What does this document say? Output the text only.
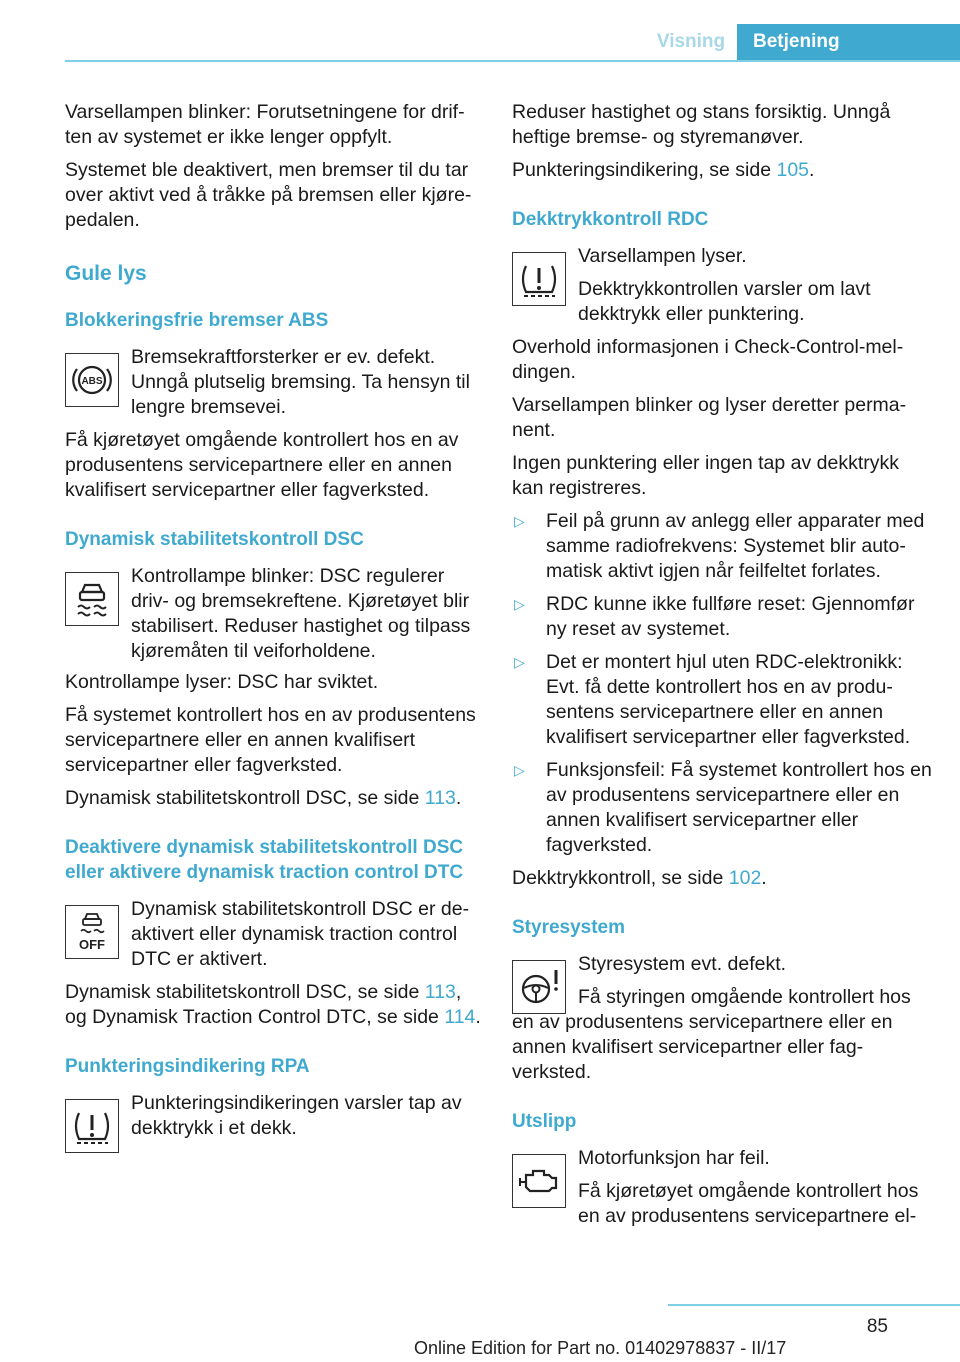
Visning	Betjening

Varsellampen blinker: Forutsetningene for driften av systemet er ikke lenger oppfylt.

Systemet ble deaktivert, men bremser til du tar over aktivt ved å tråkke på bremsen eller kjørepedalen.

Gule lys
Blokkeringsfrie bremser ABS
ABS

Bremsekraftforsterker er ev. defekt. Unngå plutselig bremsing. Ta hensyn til lengre bremsevei.

Få kjøretøyet omgående kontrollert hos en av produsentens servicepartnere eller en annen kvalifisert servicepartner eller fagverksted.

Dynamisk stabilitetskontroll DSC

Kontrollampe blinker: DSC regulerer driv- og bremsekreftene. Kjøretøyet blir stabilisert. Reduser hastighet og tilpass kjøremåten til veiforholdene.

Kontrollampe lyser: DSC har sviktet.

Få systemet kontrollert hos en av produsentens servicepartnere eller en annen kvalifisert servicepartner eller fagverksted.

Dynamisk stabilitetskontroll DSC, se side 113.

Deaktivere dynamisk stabilitetskontroll DSC eller aktivere dynamisk traction control DTC
OFF

Dynamisk stabilitetskontroll DSC er deaktivert eller dynamisk traction control DTC er aktivert.

Dynamisk stabilitetskontroll DSC, se side 113, og Dynamisk Traction Control DTC, se side 114.

Punkteringsindikering RPA

Punkteringsindikeringen varsler tap av dekktrykk i et dekk.

Reduser hastighet og stans forsiktig. Unngå heftige bremse- og styremanøver.

Punkteringsindikering, se side 105.

Dekktrykkontroll RDC

Varsellampen lyser.

Dekktrykkontrollen varsler om lavt dekktrykk eller punktering.

Overhold informasjonen i Check-Control-meldingen.

Varsellampen blinker og lyser deretter permanent.

Ingen punktering eller ingen tap av dekktrykk kan registreres.

▷ Feil på grunn av anlegg eller apparater med samme radiofrekvens: Systemet blir automatisk aktivt igjen når feilfeltet forlates.
▷ RDC kunne ikke fullføre reset: Gjennomfør ny reset av systemet.
▷ Det er montert hjul uten RDC-elektronikk: Evt. få dette kontrollert hos en av produsentens servicepartnere eller en annen kvalifisert servicepartner eller fagverksted.
▷ Funksjonsfeil: Få systemet kontrollert hos en av produsentens servicepartnere eller en annen kvalifisert servicepartner eller fagverksted.

Dekktrykkontroll, se side 102.

Styresystem

Styresystem evt. defekt.

Få styringen omgående kontrollert hos en av produsentens servicepartnere eller en annen kvalifisert servicepartner eller fagverksted.

Utslipp

Motorfunksjon har feil.

Få kjøretøyet omgående kontrollert hos en av produsentens servicepartnere el-

85
Online Edition for Part no. 01402978837 - II/17
